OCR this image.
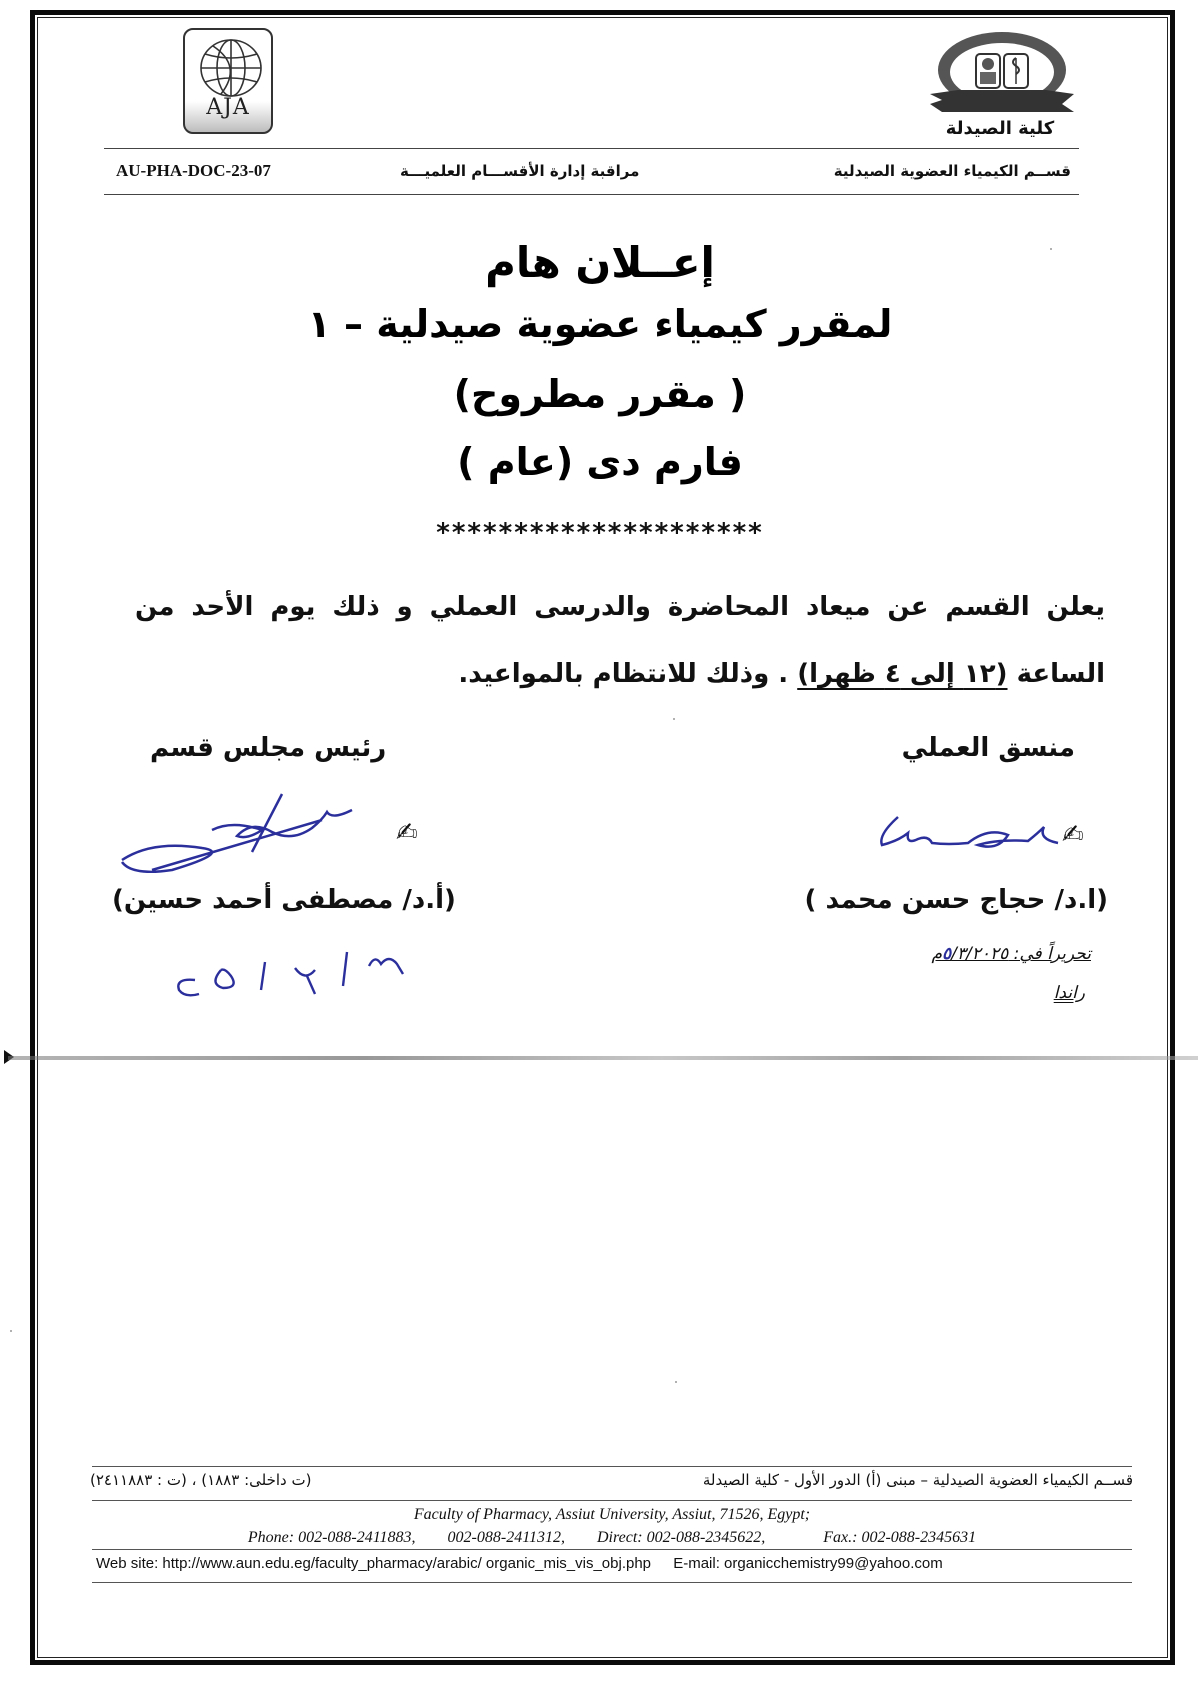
AJA
كلية الصيدلة
AU-PHA-DOC-23-07	مراقبة إدارة الأقســـام العلميـــة	قســم الكيمياء العضوية الصيدلية
إعــلان هام
لمقرر كيمياء عضوية صيدلية – ١
( مقرر مطروح)
فارم دى (عام )
*********************
يعلن القسم عن ميعاد المحاضرة والدرسى العملي و ذلك يوم الأحد من الساعة (١٢ إلى ٤ ظهرا) . وذلك للانتظام بالمواعيد.
منسق العملي
رئيس مجلس قسم
✍
✍
(ا.د/ حجاج حسن محمد )
(أ.د/ مصطفى أحمد حسين)
تحريراً في: ٥/٣/٢٠٢٥م
راندا
قســم الكيمياء العضوية الصيدلية – مبنى (أ) الدور الأول - كلية الصيدلة
(ت داخلى: ١٨٨٣) ، (ت : ٢٤١١٨٨٣)
Faculty of Pharmacy, Assiut University, Assiut, 71526, Egypt;
Phone: 002-088-2411883, 002-088-2411312, Direct: 002-088-2345622,	Fax.: 002-088-2345631
Web site: http://www.aun.edu.eg/faculty_pharmacy/arabic/ organic_mis_vis_obj.php E-mail: organicchemistry99@yahoo.com
